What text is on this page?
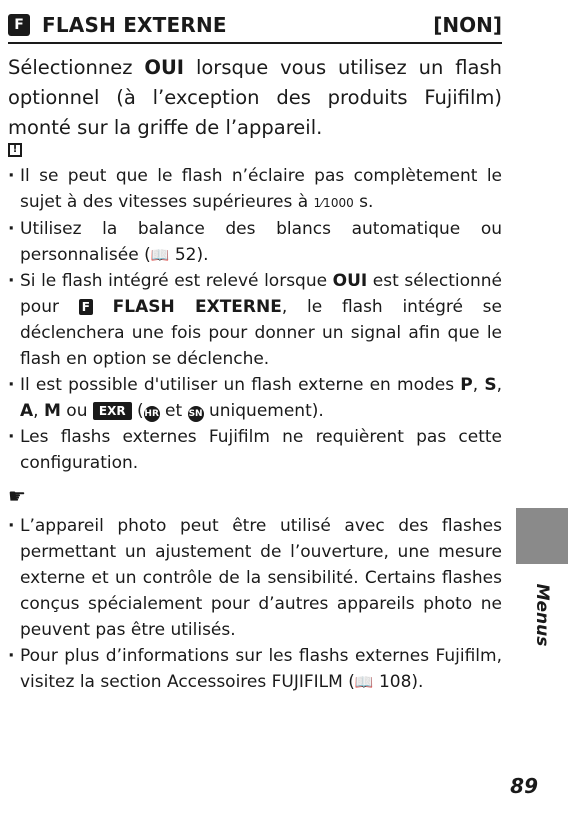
F FLASH EXTERNE	[NON]

Sélectionnez OUI lorsque vous utilisez un flash optionnel (à l’exception des produits Fujifilm) monté sur la griffe de l’appareil.

!
· Il se peut que le flash n’éclaire pas complètement le sujet à des vitesses supérieures à 1⁄1000 s.
· Utilisez la balance des blancs automatique ou personnalisée (📖 52).
· Si le flash intégré est relevé lorsque OUI est sélectionné pour F FLASH EXTERNE, le flash intégré se déclenchera une fois pour donner un signal afin que le flash en option se déclenche.
· Il est possible d'utiliser un flash externe en modes P, S, A, M ou EXR (HR et SN uniquement).
· Les flashs externes Fujifilm ne requièrent pas cette configuration.
☛
· L’appareil photo peut être utilisé avec des flashes permettant un ajustement de l’ouverture, une mesure externe et un contrôle de la sensibilité. Certains flashes conçus spécialement pour d’autres appareils photo ne peuvent pas être utilisés.
· Pour plus d’informations sur les flashs externes Fujifilm, visitez la section Accessoires FUJIFILM (📖 108).
Menus
89
